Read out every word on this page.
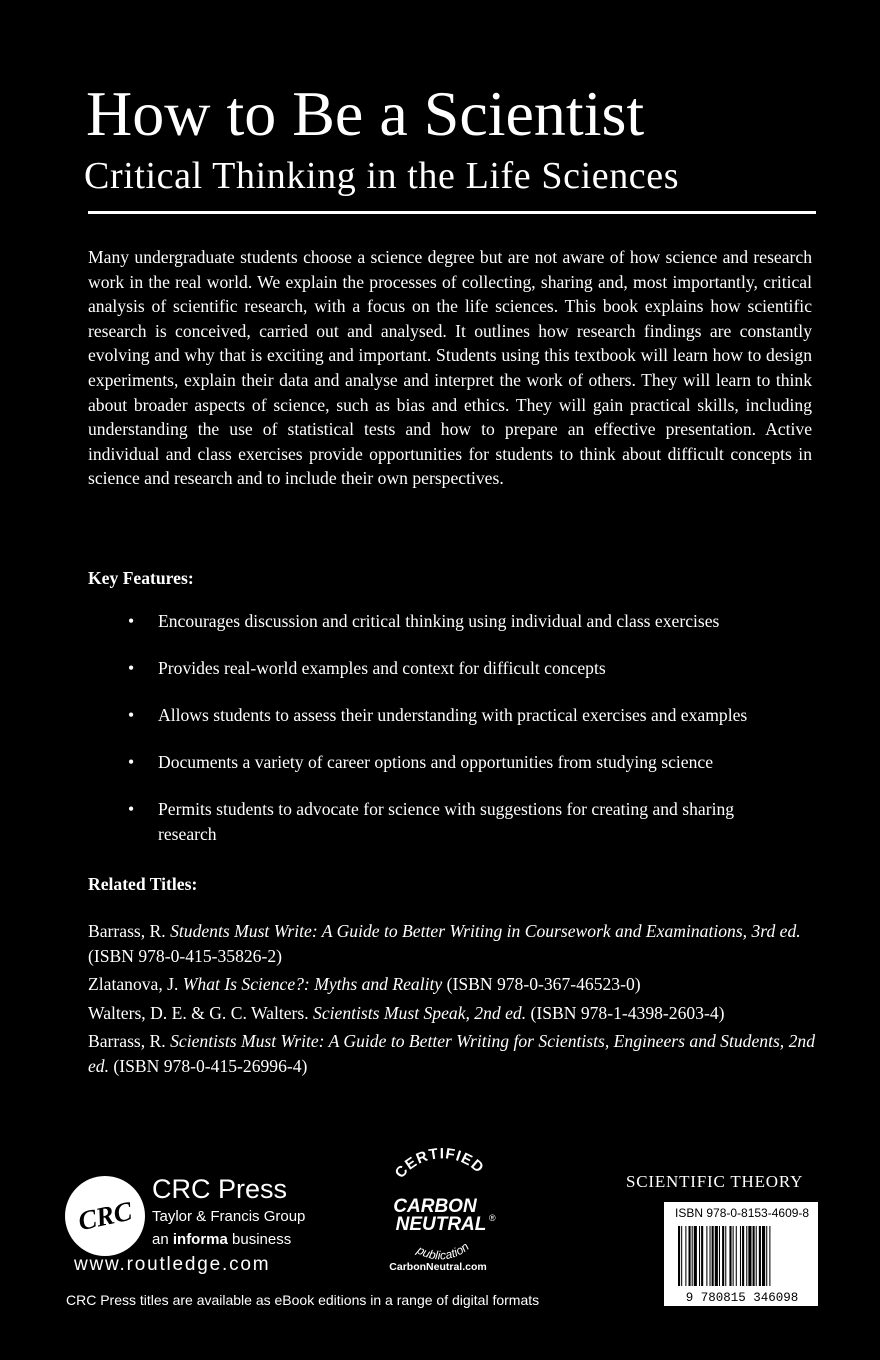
How to Be a Scientist
Critical Thinking in the Life Sciences

Many undergraduate students choose a science degree but are not aware of how science and research work in the real world. We explain the processes of collecting, sharing and, most importantly, critical analysis of scientific research, with a focus on the life sciences. This book explains how scientific research is conceived, carried out and analysed. It outlines how research findings are constantly evolving and why that is exciting and important. Students using this textbook will learn how to design experiments, explain their data and analyse and interpret the work of others. They will learn to think about broader aspects of science, such as bias and ethics. They will gain practical skills, including understanding the use of statistical tests and how to prepare an effective presentation. Active individual and class exercises provide opportunities for students to think about difficult concepts in science and research and to include their own perspectives.

Key Features:

• Encourages discussion and critical thinking using individual and class exercises
• Provides real-world examples and context for difficult concepts
• Allows students to assess their understanding with practical exercises and examples
• Documents a variety of career options and opportunities from studying science
• Permits students to advocate for science with suggestions for creating and sharing research

Related Titles:

Barrass, R. Students Must Write: A Guide to Better Writing in Coursework and Examinations, 3rd ed. (ISBN 978-0-415-35826-2)

Zlatanova, J. What Is Science?: Myths and Reality (ISBN 978-0-367-46523-0)

Walters, D. E. & G. C. Walters. Scientists Must Speak, 2nd ed. (ISBN 978-1-4398-2603-4)

Barrass, R. Scientists Must Write: A Guide to Better Writing for Scientists, Engineers and Students, 2nd ed. (ISBN 978-0-415-26996-4)

CRC
CRC Press
Taylor & Francis Group
an informa business
www.routledge.com
CRC Press titles are available as eBook editions in a range of digital formats
CERTIFIED
CARBON
NEUTRAL ®
publication
CarbonNeutral.com
SCIENTIFIC THEORY
ISBN 978-0-8153-4609-8
9 780815 346098
